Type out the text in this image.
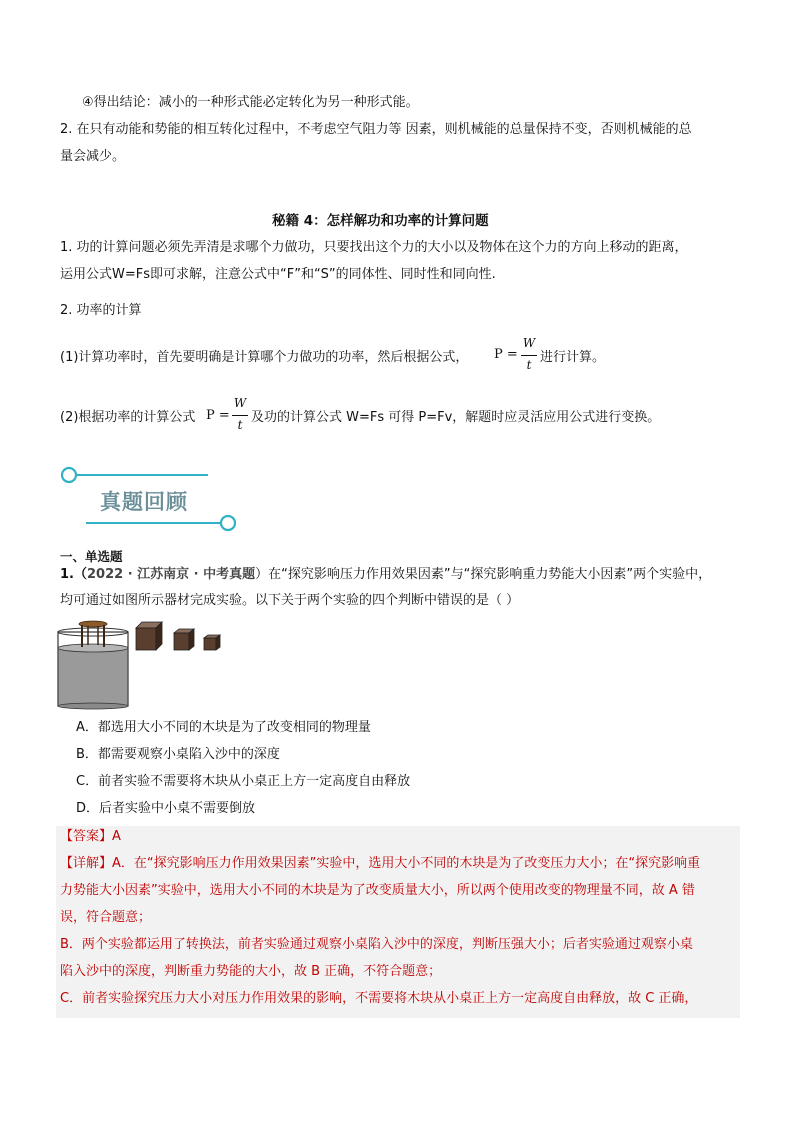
④得出结论：减小的一种形式能必定转化为另一种形式能。
2. 在只有动能和势能的相互转化过程中，不考虑空气阻力等 因素，则机械能的总量保持不变，否则机械能的总
量会减少。
秘籍 4：怎样解功和功率的计算问题
1. 功的计算问题必须先弄清是求哪个力做功，只要找出这个力的大小以及物体在这个力的方向上移动的距离，
运用公式W=Fs即可求解，注意公式中“F”和“S”的同体性、同时性和同向性.
2. 功率的计算
(1)计算功率时，首先要明确是计算哪个力做功的功率，然后根据公式， P =
W
t 进行计算。
(2)根据功率的计算公式 P =
W
t 及功的计算公式 W=Fs 可得 P=Fv，解题时应灵活应用公式进行变换。
真题回顾
一、单选题
1.（2022 · 江苏南京 · 中考真题）在“探究影响压力作用效果因素”与“探究影响重力势能大小因素”两个实验中，
均可通过如图所示器材完成实验。以下关于两个实验的四个判断中错误的是（ ）
A．都选用大小不同的木块是为了改变相同的物理量
B．都需要观察小桌陷入沙中的深度
C．前者实验不需要将木块从小桌正上方一定高度自由释放
D．后者实验中小桌不需要倒放
【答案】A
【详解】A．在“探究影响压力作用效果因素”实验中，选用大小不同的木块是为了改变压力大小；在“探究影响重
力势能大小因素”实验中，选用大小不同的木块是为了改变质量大小，所以两个使用改变的物理量不同，故 A 错
误，符合题意；
B．两个实验都运用了转换法，前者实验通过观察小桌陷入沙中的深度，判断压强大小；后者实验通过观察小桌
陷入沙中的深度，判断重力势能的大小，故 B 正确，不符合题意；
C．前者实验探究压力大小对压力作用效果的影响，不需要将木块从小桌正上方一定高度自由释放，故 C 正确，
